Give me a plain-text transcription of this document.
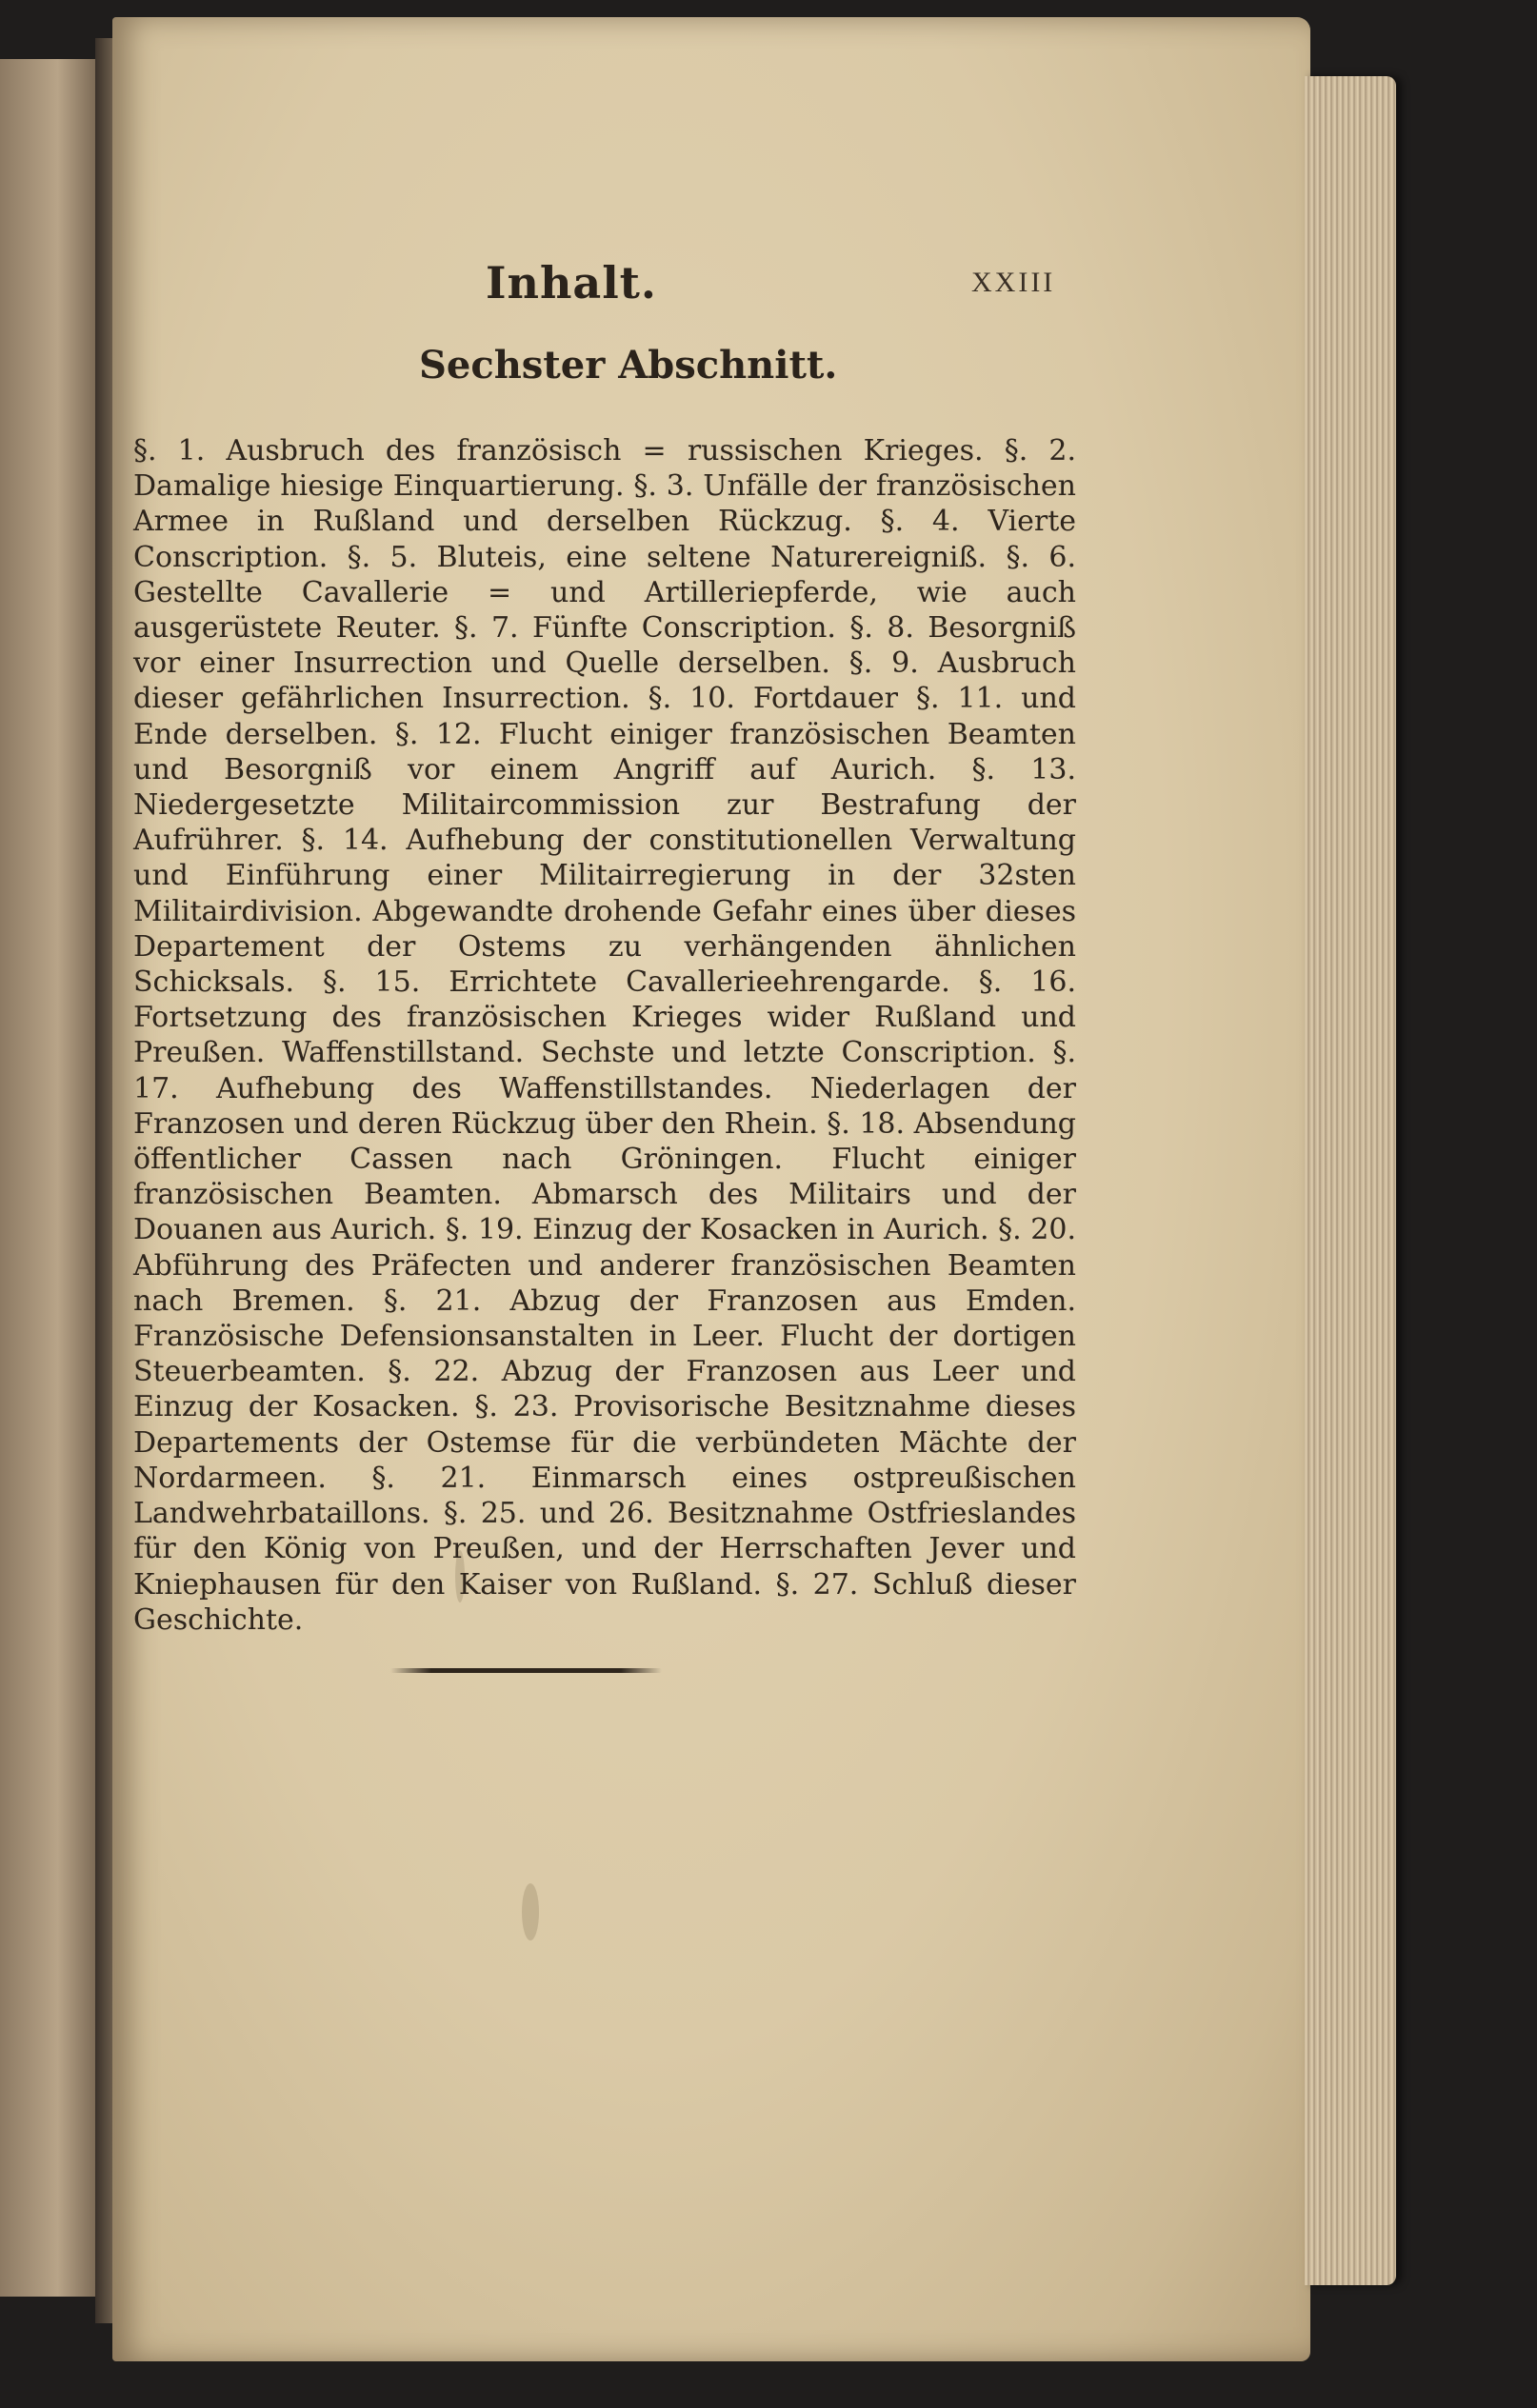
Inhalt.	XXIII
Sechster Abschnitt.
§. 1. Ausbruch des französisch = russischen Krieges. §. 2. Damalige hiesige Einquartierung. §. 3. Unfälle der französischen Armee in Rußland und derselben Rückzug. §. 4. Vierte Conscription. §. 5. Bluteis, eine seltene Naturereigniß. §. 6. Gestellte Cavallerie = und Artilleriepferde, wie auch ausgerüstete Reuter. §. 7. Fünfte Conscription. §. 8. Besorgniß vor einer Insurrection und Quelle derselben. §. 9. Ausbruch dieser gefährlichen Insurrection. §. 10. Fortdauer §. 11. und Ende derselben. §. 12. Flucht einiger französischen Beamten und Besorgniß vor einem Angriff auf Aurich. §. 13. Niedergesetzte Militaircommission zur Bestrafung der Aufrührer. §. 14. Aufhebung der constitutionellen Verwaltung und Einführung einer Militairregierung in der 32sten Militairdivision. Abgewandte drohende Gefahr eines über dieses Departement der Ostems zu verhängenden ähnlichen Schicksals. §. 15. Errichtete Cavallerieehrengarde. §. 16. Fortsetzung des französischen Krieges wider Rußland und Preußen. Waffenstillstand. Sechste und letzte Conscription. §. 17. Aufhebung des Waffenstillstandes. Niederlagen der Franzosen und deren Rückzug über den Rhein. §. 18. Absendung öffentlicher Cassen nach Gröningen. Flucht einiger französischen Beamten. Abmarsch des Militairs und der Douanen aus Aurich. §. 19. Einzug der Kosacken in Aurich. §. 20. Abführung des Präfecten und anderer französischen Beamten nach Bremen. §. 21. Abzug der Franzosen aus Emden. Französische Defensionsanstalten in Leer. Flucht der dortigen Steuerbeamten. §. 22. Abzug der Franzosen aus Leer und Einzug der Kosacken. §. 23. Provisorische Besitznahme dieses Departements der Ostemse für die verbündeten Mächte der Nordarmeen. §. 21. Einmarsch eines ostpreußischen Landwehrbataillons. §. 25. und 26. Besitznahme Ostfrieslandes für den König von Preußen, und der Herrschaften Jever und Kniephausen für den Kaiser von Rußland. §. 27. Schluß dieser Geschichte.
